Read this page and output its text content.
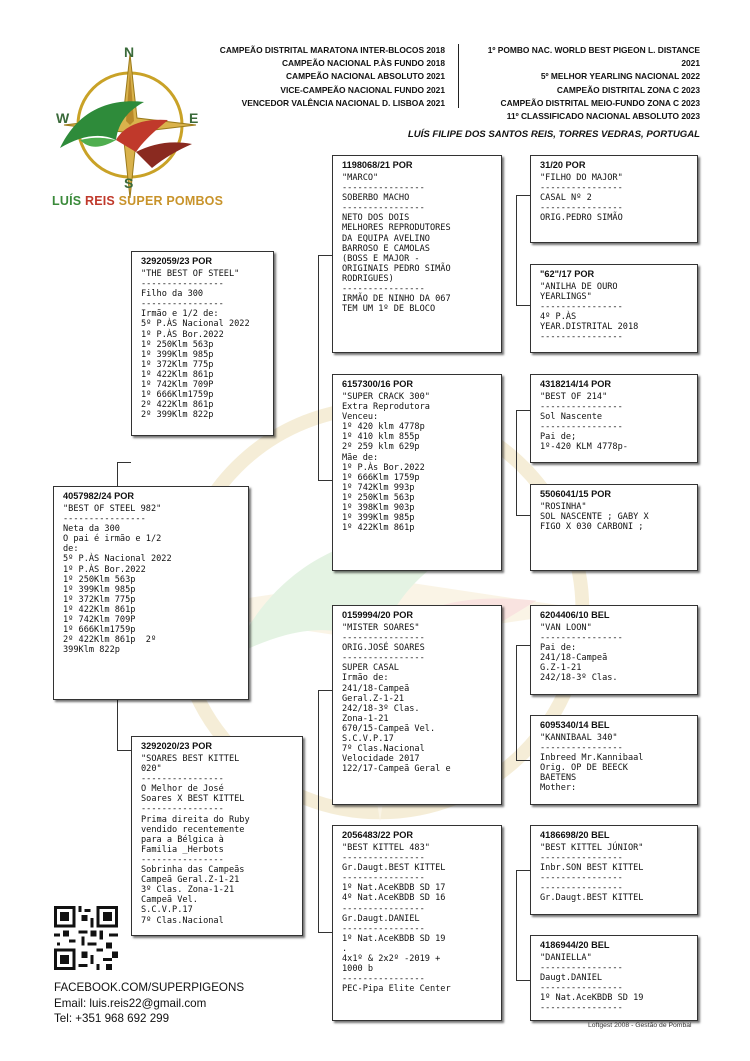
N
W	E
S
LUÍS REIS SUPER POMBOS
CAMPEÃO DISTRITAL MARATONA INTER-BLOCOS 2018
CAMPEÃO NACIONAL P.ÀS FUNDO 2018
CAMPEÃO NACIONAL ABSOLUTO 2021
VICE-CAMPEÃO NACIONAL FUNDO 2021
VENCEDOR VALÊNCIA NACIONAL D. LISBOA 2021
1º POMBO NAC. WORLD BEST PIGEON L. DISTANCE 2021
5º MELHOR YEARLING NACIONAL 2022
CAMPEÃO DISTRITAL ZONA C 2023
CAMPEÃO DISTRITAL MEIO-FUNDO ZONA C 2023
11º CLASSIFICADO NACIONAL ABSOLUTO 2023
LUÍS FILIPE DOS SANTOS REIS, TORRES VEDRAS, PORTUGAL
4057982/24 POR
"BEST OF STEEL 982"
----------------
Neta da 300
O pai é irmão e 1/2
de:
5º P.ÀS Nacional 2022
1º P.ÀS Bor.2022
1º 250Klm 563p
1º 399Klm 985p
1º 372Klm 775p
1º 422Klm 861p
1º 742Klm 709P
1º 666Klm1759p
2º 422Klm 861p  2º
399Klm 822p
3292059/23 POR
"THE BEST OF STEEL"
----------------
Filho da 300
----------------
Irmão e 1/2 de:
5º P.ÀS Nacional 2022
1º P.ÀS Bor.2022
1º 250Klm 563p
1º 399Klm 985p
1º 372Klm 775p
1º 422Klm 861p
1º 742Klm 709P
1º 666Klm1759p
2º 422Klm 861p
2º 399Klm 822p
3292020/23 POR
"SOARES BEST KITTEL
020"
----------------
O Melhor de José
Soares X BEST KITTEL
----------------
Prima direita do Ruby
vendido recentemente
para a Bélgica à
Familia _Herbots
----------------
Sobrinha das Campeãs
Campeã Geral.Z-1-21
3º Clas. Zona-1-21
Campeã Vel.
S.C.V.P.17
7º Clas.Nacional
1198068/21 POR
"MARCO"
----------------
SOBERBO MACHO
----------------
NETO DOS DOIS
MELHORES REPRODUTORES
DA EQUIPA AVELINO
BARROSO E CAMOLAS
(BOSS E MAJOR -
ORIGINAIS PEDRO SIMÃO
RODRIGUES)
----------------
IRMÃO DE NINHO DA 067
TEM UM 1º DE BLOCO
6157300/16 POR
"SUPER CRACK 300"
Extra Reprodutora
Venceu:
1º 420 klm 4778p
1º 410 klm 855p
2º 259 klm 629p
Mãe de:
1º P.Às Bor.2022
1º 666Klm 1759p
1º 742Klm 993p
1º 250Klm 563p
1º 398Klm 903p
1º 399Klm 985p
1º 422Klm 861p
0159994/20 POR
"MISTER SOARES"
----------------
ORIG.JOSÉ SOARES
----------------
SUPER CASAL
Irmão de:
241/18-Campeã
Geral.Z-1-21
242/18-3º Clas.
Zona-1-21
670/15-Campeã Vel.
S.C.V.P.17
7º Clas.Nacional
Velocidade 2017
122/17-Campeã Geral e
2056483/22 POR
"BEST KITTEL 483"
----------------
Gr.Daugt.BEST KITTEL
----------------
1º Nat.AceKBDB SD 17
4º Nat.AceKBDB SD 16
----------------
Gr.Daugt.DANIEL
----------------
1º Nat.AceKBDB SD 19
.
4x1º & 2x2º -2019 +
1000 b
----------------
PEC-Pipa Elite Center
31/20 POR
"FILHO DO MAJOR"
----------------
CASAL Nº 2
----------------
ORIG.PEDRO SIMÃO
"62"/17 POR
"ANILHA DE OURO
YEARLINGS"
----------------
4º P.ÀS
YEAR.DISTRITAL 2018
----------------
4318214/14 POR
"BEST OF 214"
----------------
Sol Nascente
----------------
Pai de;
1º-420 KLM 4778p-
5506041/15 POR
"ROSINHA"
SOL NASCENTE ; GABY X
FIGO X 030 CARBONI ;
6204406/10 BEL
"VAN LOON"
----------------
Pai de:
241/18-Campeã
G.Z-1-21
242/18-3º Clas.
6095340/14 BEL
"KANNIBAAL 340"
----------------
Inbreed Mr.Kannibaal
Orig. OP DE BEECK
BAETENS
Mother:
4186698/20 BEL
"BEST KITTEL JÚNIOR"
----------------
Inbr.SON BEST KITTEL
----------------
----------------
Gr.Daugt.BEST KITTEL
4186944/20 BEL
"DANIELLA"
----------------
Daugt.DANIEL
----------------
1º Nat.AceKBDB SD 19
----------------
FACEBOOK.COM/SUPERPIGEONS
Email: luis.reis22@gmail.com
Tel: +351 968 692 299
Loftgest 2008 - Gestão de Pombal
